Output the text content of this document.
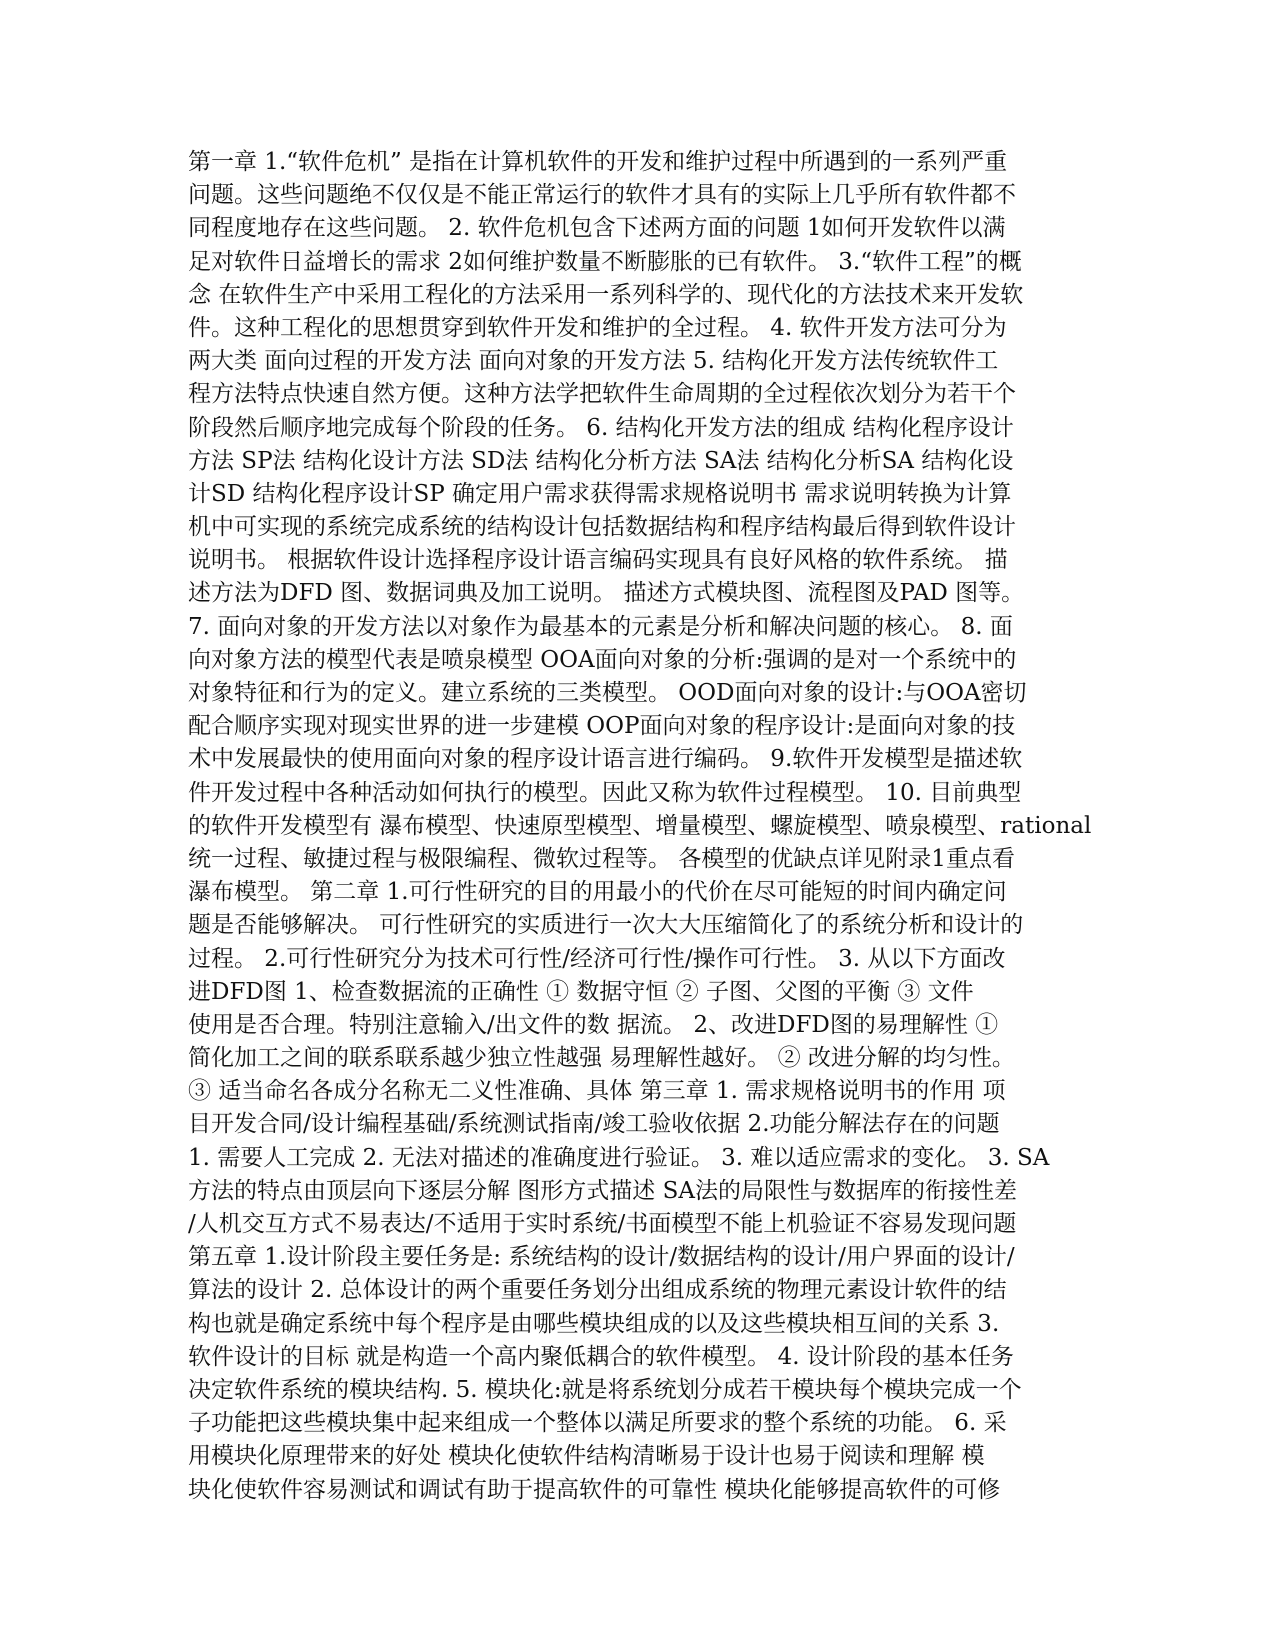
第一章 1.“软件危机” 是指在计算机软件的开发和维护过程中所遇到的一系列严重
问题。这些问题绝不仅仅是不能正常运行的软件才具有的实际上几乎所有软件都不
同程度地存在这些问题。 2. 软件危机包含下述两方面的问题 1如何开发软件以满
足对软件日益增长的需求 2如何维护数量不断膨胀的已有软件。 3.“软件工程”的概
念 在软件生产中采用工程化的方法采用一系列科学的、现代化的方法技术来开发软
件。这种工程化的思想贯穿到软件开发和维护的全过程。 4. 软件开发方法可分为
两大类 面向过程的开发方法 面向对象的开发方法 5. 结构化开发方法传统软件工
程方法特点快速自然方便。这种方法学把软件生命周期的全过程依次划分为若干个
阶段然后顺序地完成每个阶段的任务。 6. 结构化开发方法的组成 结构化程序设计
方法 SP法 结构化设计方法 SD法 结构化分析方法 SA法 结构化分析SA 结构化设
计SD 结构化程序设计SP 确定用户需求获得需求规格说明书 需求说明转换为计算
机中可实现的系统完成系统的结构设计包括数据结构和程序结构最后得到软件设计
说明书。 根据软件设计选择程序设计语言编码实现具有良好风格的软件系统。 描
述方法为DFD 图、数据词典及加工说明。 描述方式模块图、流程图及PAD 图等。
7. 面向对象的开发方法以对象作为最基本的元素是分析和解决问题的核心。 8. 面
向对象方法的模型代表是喷泉模型 OOA面向对象的分析:强调的是对一个系统中的
对象特征和行为的定义。建立系统的三类模型。 OOD面向对象的设计:与OOA密切
配合顺序实现对现实世界的进一步建模 OOP面向对象的程序设计:是面向对象的技
术中发展最快的使用面向对象的程序设计语言进行编码。 9.软件开发模型是描述软
件开发过程中各种活动如何执行的模型。因此又称为软件过程模型。 10. 目前典型
的软件开发模型有 瀑布模型、快速原型模型、增量模型、螺旋模型、喷泉模型、rational
统一过程、敏捷过程与极限编程、微软过程等。 各模型的优缺点详见附录1重点看
瀑布模型。 第二章 1.可行性研究的目的用最小的代价在尽可能短的时间内确定问
题是否能够解决。 可行性研究的实质进行一次大大压缩简化了的系统分析和设计的
过程。 2.可行性研究分为技术可行性/经济可行性/操作可行性。 3. 从以下方面改
进DFD图 1、检查数据流的正确性 ① 数据守恒 ② 子图、父图的平衡 ③ 文件
使用是否合理。特别注意输入/出文件的数 据流。 2、改进DFD图的易理解性 ①
简化加工之间的联系联系越少独立性越强 易理解性越好。 ② 改进分解的均匀性。
③ 适当命名各成分名称无二义性准确、具体 第三章 1. 需求规格说明书的作用 项
目开发合同/设计编程基础/系统测试指南/竣工验收依据 2.功能分解法存在的问题
1. 需要人工完成 2. 无法对描述的准确度进行验证。 3. 难以适应需求的变化。 3. SA
方法的特点由顶层向下逐层分解 图形方式描述 SA法的局限性与数据库的衔接性差
/人机交互方式不易表达/不适用于实时系统/书面模型不能上机验证不容易发现问题
第五章 1.设计阶段主要任务是: 系统结构的设计/数据结构的设计/用户界面的设计/
算法的设计 2. 总体设计的两个重要任务划分出组成系统的物理元素设计软件的结
构也就是确定系统中每个程序是由哪些模块组成的以及这些模块相互间的关系 3.
软件设计的目标 就是构造一个高内聚低耦合的软件模型。 4. 设计阶段的基本任务
决定软件系统的模块结构. 5. 模块化:就是将系统划分成若干模块每个模块完成一个
子功能把这些模块集中起来组成一个整体以满足所要求的整个系统的功能。 6. 采
用模块化原理带来的好处 模块化使软件结构清晰易于设计也易于阅读和理解 模
块化使软件容易测试和调试有助于提高软件的可靠性 模块化能够提高软件的可修
